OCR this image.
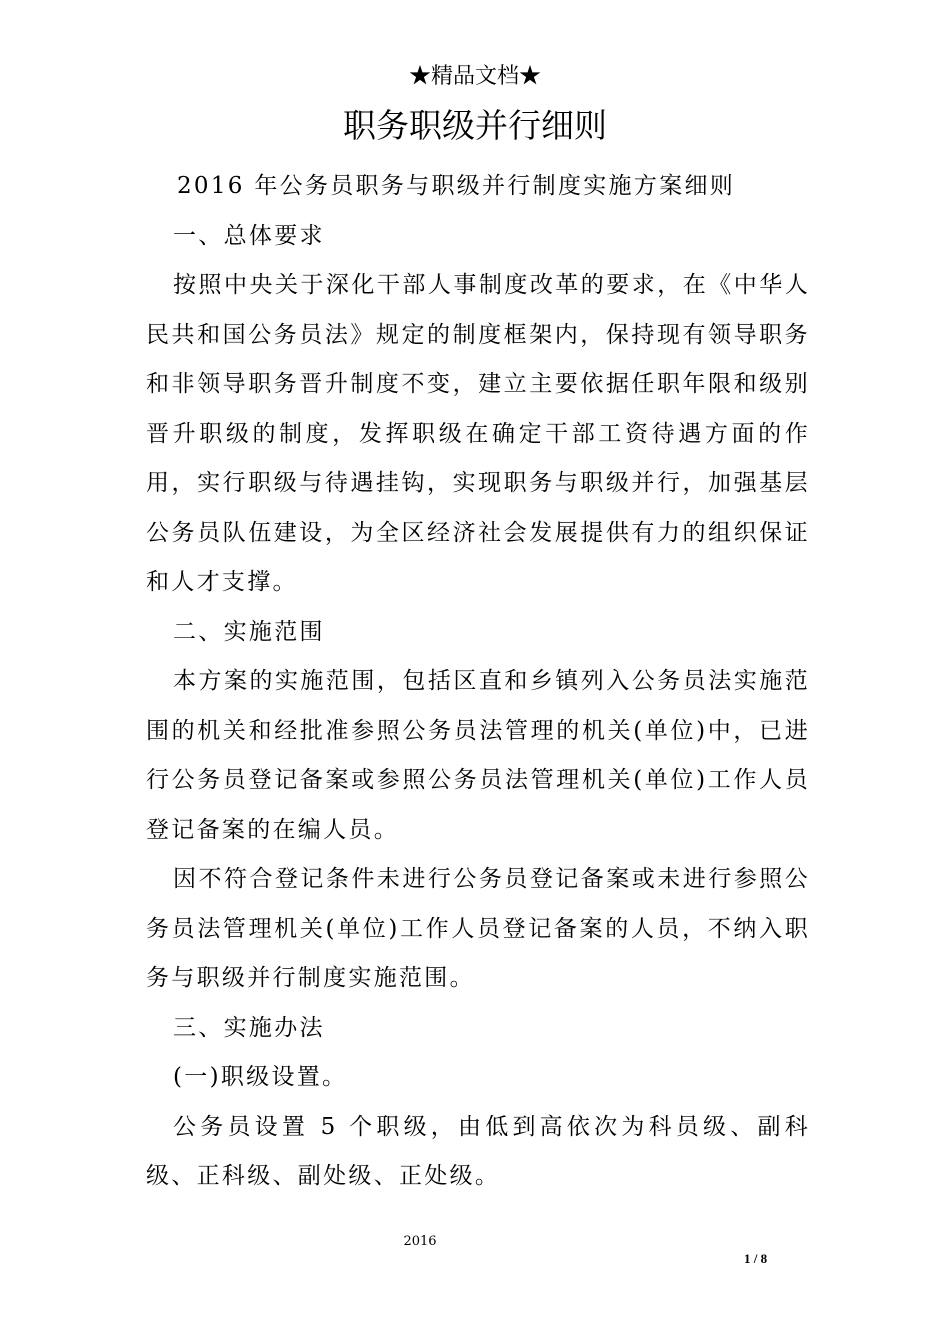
★精品文档★
职务职级并行细则

2016 年公务员职务与职级并行制度实施方案细则

一、总体要求

按照中央关于深化干部人事制度改革的要求，在《中华人民共和国公务员法》规定的制度框架内，保持现有领导职务和非领导职务晋升制度不变，建立主要依据任职年限和级别晋升职级的制度，发挥职级在确定干部工资待遇方面的作用，实行职级与待遇挂钩，实现职务与职级并行，加强基层公务员队伍建设，为全区经济社会发展提供有力的组织保证和人才支撑。

二、实施范围

本方案的实施范围，包括区直和乡镇列入公务员法实施范围的机关和经批准参照公务员法管理的机关(单位)中，已进行公务员登记备案或参照公务员法管理机关(单位)工作人员登记备案的在编人员。

因不符合登记条件未进行公务员登记备案或未进行参照公务员法管理机关(单位)工作人员登记备案的人员，不纳入职务与职级并行制度实施范围。

三、实施办法

(一)职级设置。

公务员设置 5 个职级，由低到高依次为科员级、副科级、正科级、副处级、正处级。

2016
1 / 8
